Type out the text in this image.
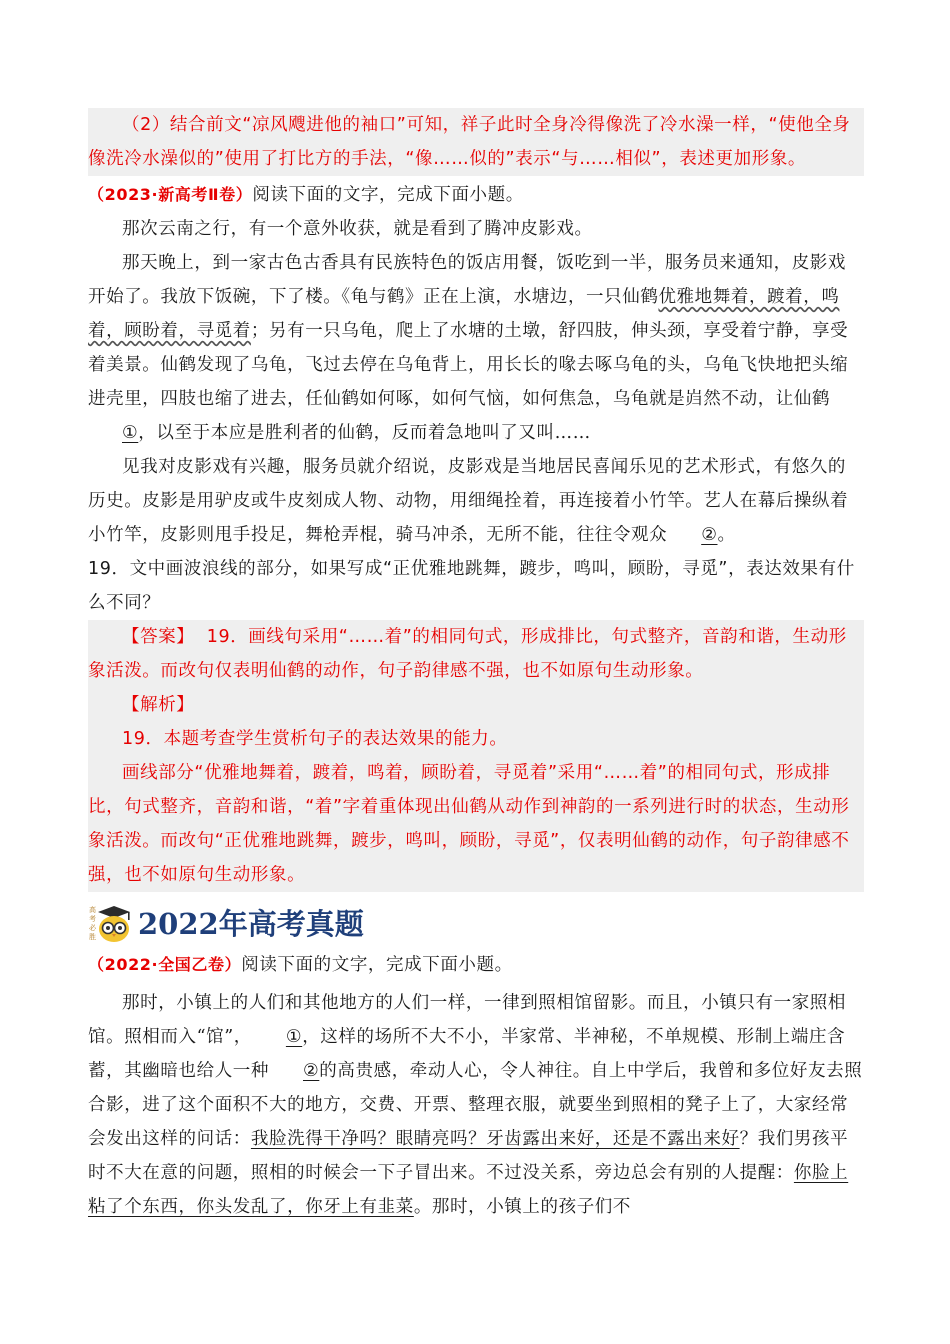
（2）结合前文“凉风飕进他的袖口”可知，祥子此时全身冷得像洗了冷水澡一样，“使他全身像洗冷水澡似的”使用了打比方的手法，“像……似的”表示“与……相似”，表述更加形象。

（2023·新高考Ⅱ卷）阅读下面的文字，完成下面小题。

那次云南之行，有一个意外收获，就是看到了腾冲皮影戏。

那天晚上，到一家古色古香具有民族特色的饭店用餐，饭吃到一半，服务员来通知，皮影戏开始了。我放下饭碗，下了楼。《龟与鹤》正在上演，水塘边，一只仙鹤优雅地舞着，踱着，鸣着，顾盼着，寻觅着；另有一只乌龟，爬上了水塘的土墩，舒四肢，伸头颈，享受着宁静，享受着美景。仙鹤发现了乌龟，飞过去停在乌龟背上，用长长的喙去啄乌龟的头，乌龟飞快地把头缩进壳里，四肢也缩了进去，任仙鹤如何啄，如何气恼，如何焦急，乌龟就是岿然不动，让仙鹤①，以至于本应是胜利者的仙鹤，反而着急地叫了又叫……

见我对皮影戏有兴趣，服务员就介绍说，皮影戏是当地居民喜闻乐见的艺术形式，有悠久的历史。皮影是用驴皮或牛皮刻成人物、动物，用细绳拴着，再连接着小竹竿。艺人在幕后操纵着小竹竿，皮影则甩手投足，舞枪弄棍，骑马冲杀，无所不能，往往令观众 ②。

19．文中画波浪线的部分，如果写成“正优雅地跳舞，踱步，鸣叫，顾盼，寻觅”，表达效果有什么不同？

【答案】 19．画线句采用“……着”的相同句式，形成排比，句式整齐，音韵和谐，生动形象活泼。而改句仅表明仙鹤的动作，句子韵律感不强，也不如原句生动形象。

【解析】

19．本题考查学生赏析句子的表达效果的能力。

画线部分“优雅地舞着，踱着，鸣着，顾盼着，寻觅着”采用“……着”的相同句式，形成排比，句式整齐，音韵和谐，“着”字着重体现出仙鹤从动作到神韵的一系列进行时的状态，生动形象活泼。而改句“正优雅地跳舞，踱步，鸣叫，顾盼，寻觅”，仅表明仙鹤的动作，句子韵律感不强，也不如原句生动形象。

高
考
必
胜 2022年高考真题

（2022·全国乙卷）阅读下面的文字，完成下面小题。

那时，小镇上的人们和其他地方的人们一样，一律到照相馆留影。而且，小镇只有一家照相馆。照相而入“馆”， ①，这样的场所不大不小，半家常、半神秘，不单规模、形制上端庄含蓄，其幽暗也给人一种 ②的高贵感，牵动人心，令人神往。自上中学后，我曾和多位好友去照合影，进了这个面积不大的地方，交费、开票、整理衣服，就要坐到照相的凳子上了，大家经常会发出这样的问话：我脸洗得干净吗？眼睛亮吗？牙齿露出来好，还是不露出来好？我们男孩平时不大在意的问题，照相的时候会一下子冒出来。不过没关系，旁边总会有别的人提醒：你脸上粘了个东西，你头发乱了，你牙上有韭菜。那时，小镇上的孩子们不
